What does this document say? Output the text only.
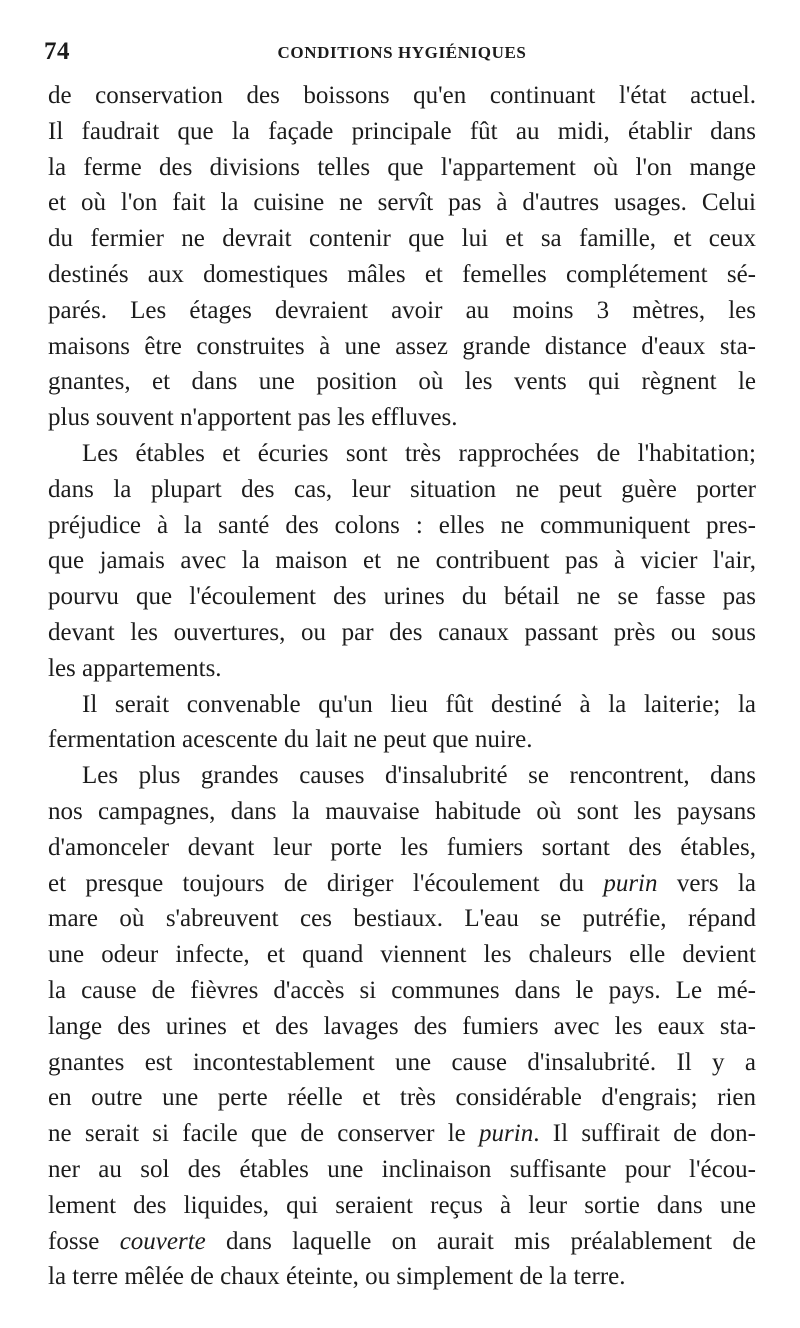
74	CONDITIONS HYGIÉNIQUES
de conservation des boissons qu'en continuant l'état actuel.
Il faudrait que la façade principale fût au midi, établir dans
la ferme des divisions telles que l'appartement où l'on mange
et où l'on fait la cuisine ne servît pas à d'autres usages. Celui
du fermier ne devrait contenir que lui et sa famille, et ceux
destinés aux domestiques mâles et femelles complétement sé-
parés. Les étages devraient avoir au moins 3 mètres, les
maisons être construites à une assez grande distance d'eaux sta-
gnantes, et dans une position où les vents qui règnent le
plus souvent n'apportent pas les effluves.
Les étables et écuries sont très rapprochées de l'habitation;
dans la plupart des cas, leur situation ne peut guère porter
préjudice à la santé des colons : elles ne communiquent pres-
que jamais avec la maison et ne contribuent pas à vicier l'air,
pourvu que l'écoulement des urines du bétail ne se fasse pas
devant les ouvertures, ou par des canaux passant près ou sous
les appartements.
Il serait convenable qu'un lieu fût destiné à la laiterie; la
fermentation acescente du lait ne peut que nuire.
Les plus grandes causes d'insalubrité se rencontrent, dans
nos campagnes, dans la mauvaise habitude où sont les paysans
d'amonceler devant leur porte les fumiers sortant des étables,
et presque toujours de diriger l'écoulement du purin vers la
mare où s'abreuvent ces bestiaux. L'eau se putréfie, répand
une odeur infecte, et quand viennent les chaleurs elle devient
la cause de fièvres d'accès si communes dans le pays. Le mé-
lange des urines et des lavages des fumiers avec les eaux sta-
gnantes est incontestablement une cause d'insalubrité. Il y a
en outre une perte réelle et très considérable d'engrais; rien
ne serait si facile que de conserver le purin. Il suffirait de don-
ner au sol des étables une inclinaison suffisante pour l'écou-
lement des liquides, qui seraient reçus à leur sortie dans une
fosse couverte dans laquelle on aurait mis préalablement de
la terre mêlée de chaux éteinte, ou simplement de la terre.
